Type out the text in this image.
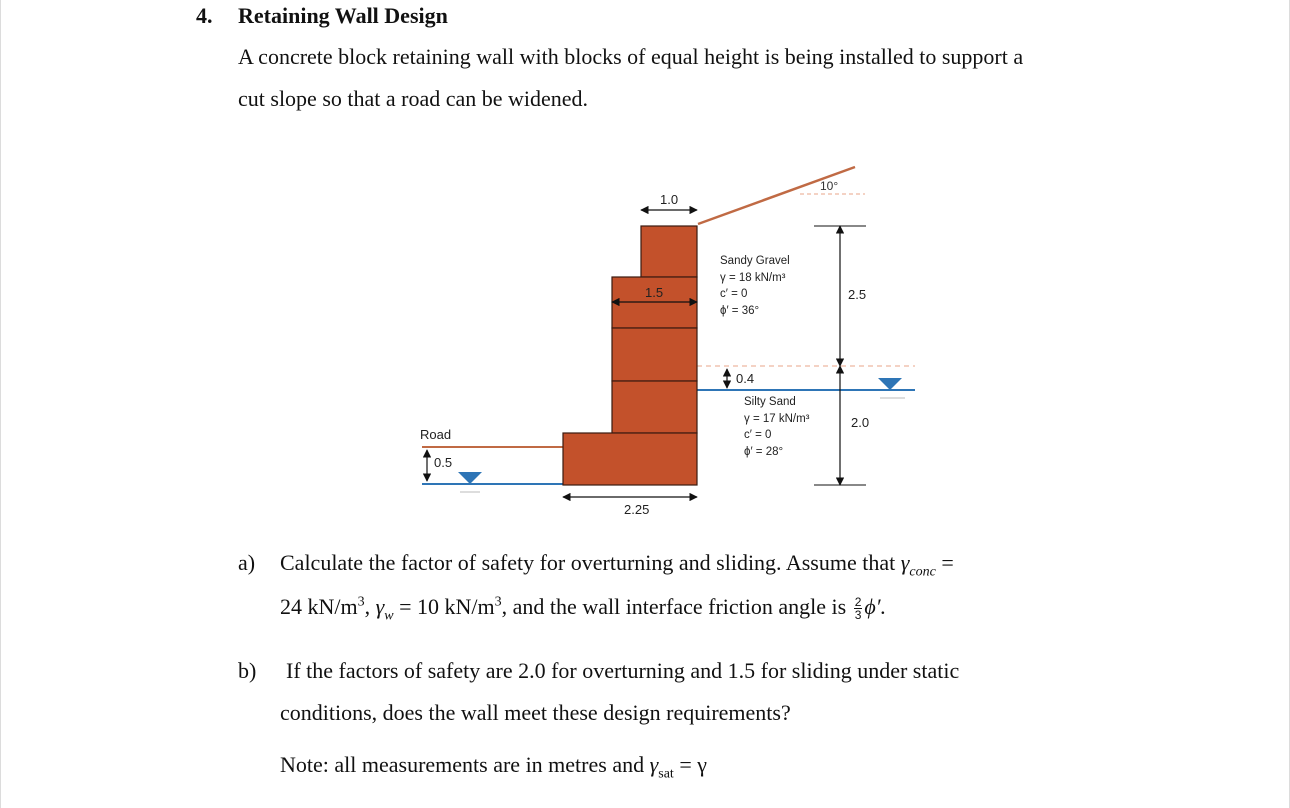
4. Retaining Wall Design
A concrete block retaining wall with blocks of equal height is being installed to support a
cut slope so that a road can be widened.
10°
1.0
1.5
2.25
2.5
2.0
0.4
0.5
Road
Sandy Gravel
γ = 18 kN/m³
c′ = 0
ϕ′ = 36°
Silty Sand
γ = 17 kN/m³
c′ = 0
ϕ′ = 28°
a) Calculate the factor of safety for overturning and sliding. Assume that $\gamma_{conc}$ =
24 $kN/m^3$, $\gamma_w = 10$ $kN/m^3$, and the wall interface friction angle is $\frac{2}{3} \phi'$.
b) If the factors of safety are 2.0 for overturning and 1.5 for sliding under static
conditions, does the wall meet these design requirements?
Note: all measurements are in metres and $\gamma_{sat} = \gamma$
